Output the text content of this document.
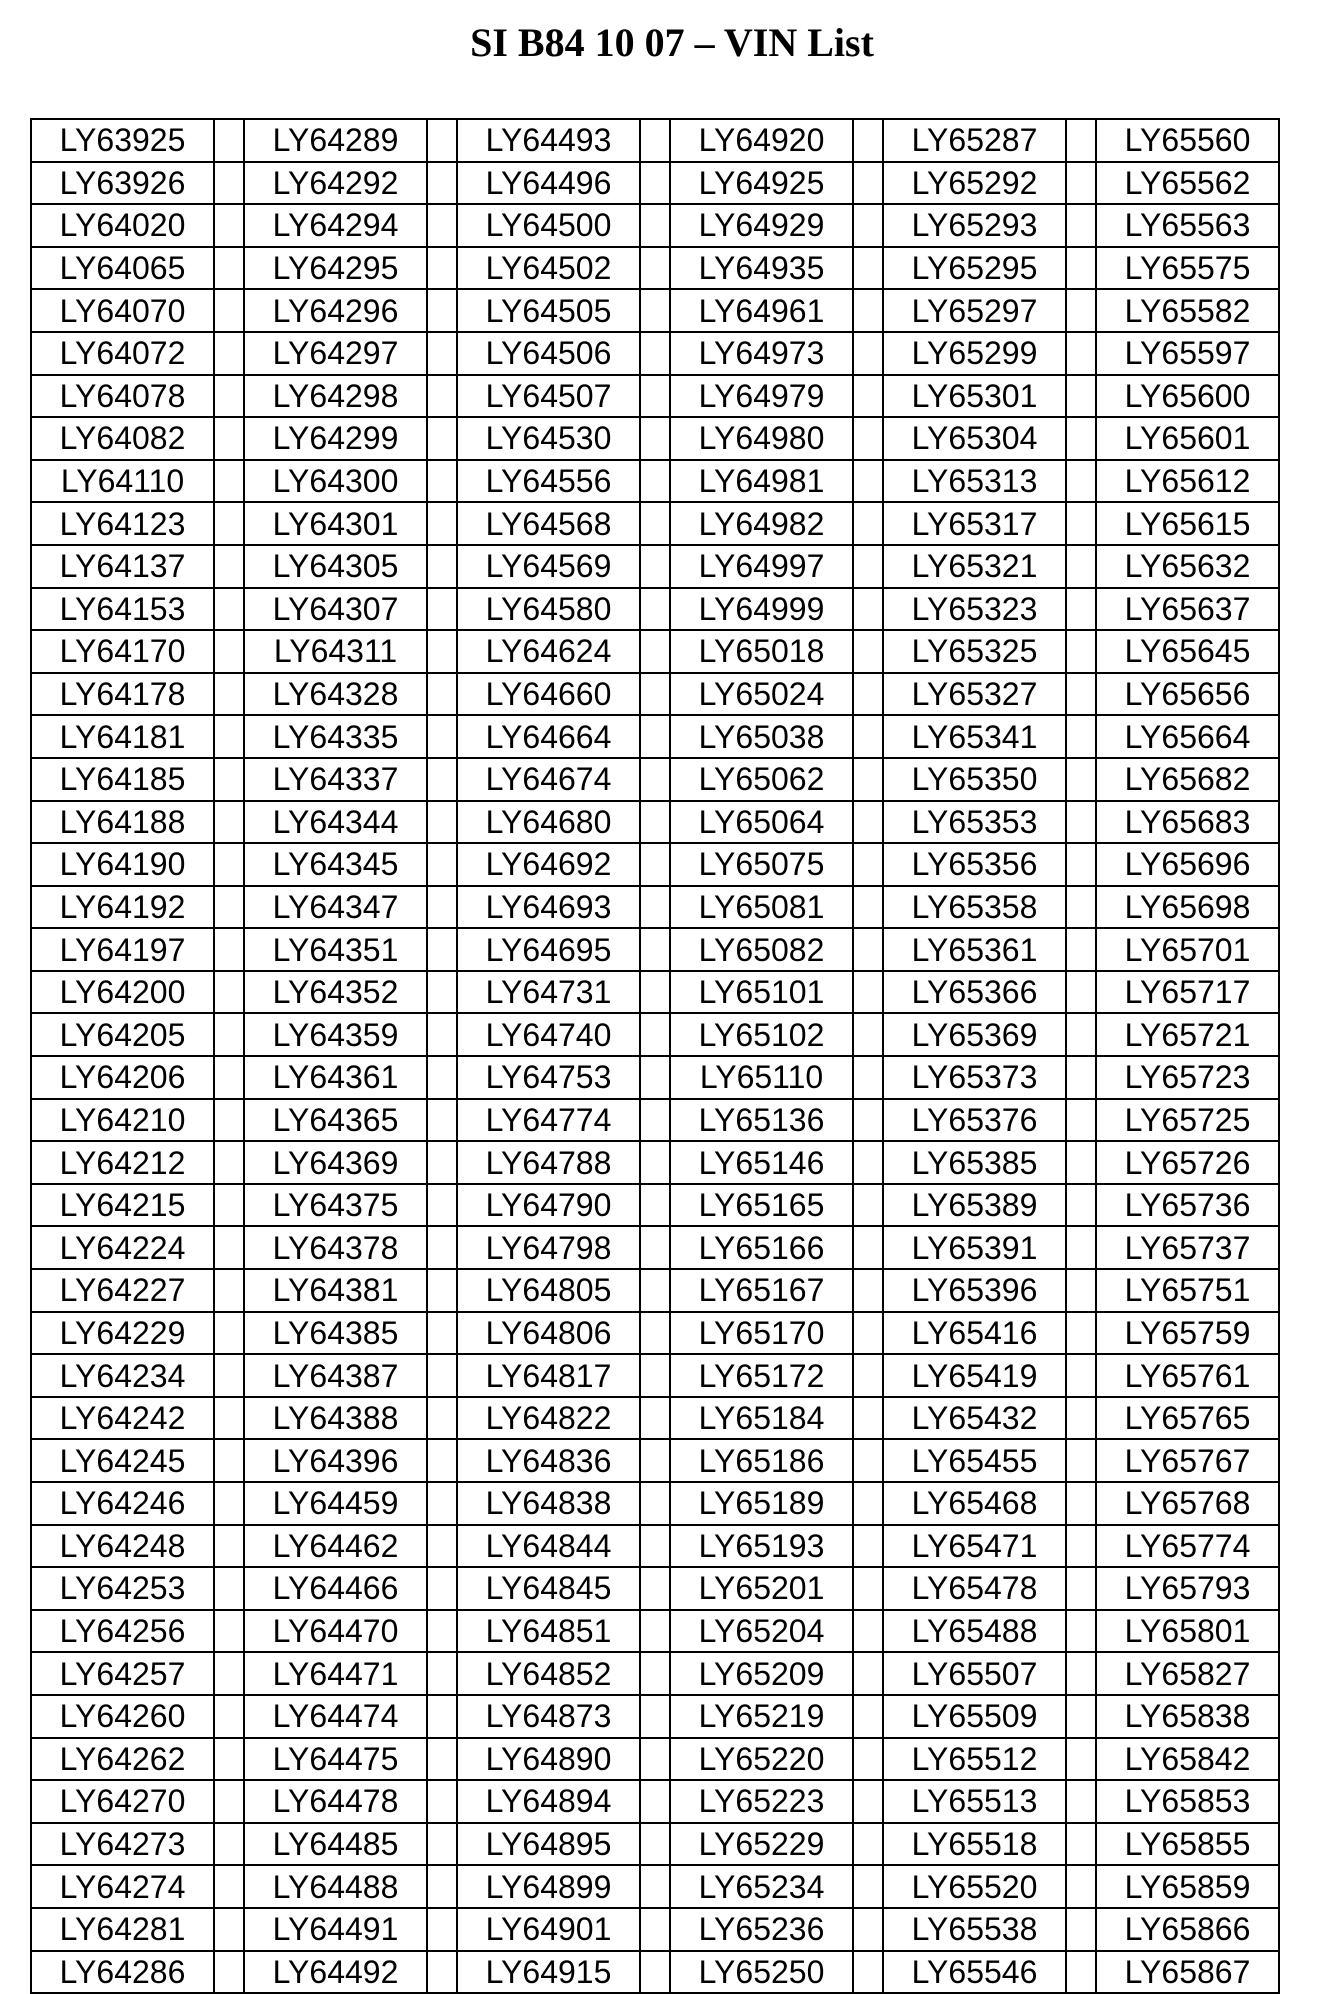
SI B84 10 07 – VIN List
LY63925		LY64289		LY64493		LY64920		LY65287		LY65560
LY63926		LY64292		LY64496		LY64925		LY65292		LY65562
LY64020		LY64294		LY64500		LY64929		LY65293		LY65563
LY64065		LY64295		LY64502		LY64935		LY65295		LY65575
LY64070		LY64296		LY64505		LY64961		LY65297		LY65582
LY64072		LY64297		LY64506		LY64973		LY65299		LY65597
LY64078		LY64298		LY64507		LY64979		LY65301		LY65600
LY64082		LY64299		LY64530		LY64980		LY65304		LY65601
LY64110		LY64300		LY64556		LY64981		LY65313		LY65612
LY64123		LY64301		LY64568		LY64982		LY65317		LY65615
LY64137		LY64305		LY64569		LY64997		LY65321		LY65632
LY64153		LY64307		LY64580		LY64999		LY65323		LY65637
LY64170		LY64311		LY64624		LY65018		LY65325		LY65645
LY64178		LY64328		LY64660		LY65024		LY65327		LY65656
LY64181		LY64335		LY64664		LY65038		LY65341		LY65664
LY64185		LY64337		LY64674		LY65062		LY65350		LY65682
LY64188		LY64344		LY64680		LY65064		LY65353		LY65683
LY64190		LY64345		LY64692		LY65075		LY65356		LY65696
LY64192		LY64347		LY64693		LY65081		LY65358		LY65698
LY64197		LY64351		LY64695		LY65082		LY65361		LY65701
LY64200		LY64352		LY64731		LY65101		LY65366		LY65717
LY64205		LY64359		LY64740		LY65102		LY65369		LY65721
LY64206		LY64361		LY64753		LY65110		LY65373		LY65723
LY64210		LY64365		LY64774		LY65136		LY65376		LY65725
LY64212		LY64369		LY64788		LY65146		LY65385		LY65726
LY64215		LY64375		LY64790		LY65165		LY65389		LY65736
LY64224		LY64378		LY64798		LY65166		LY65391		LY65737
LY64227		LY64381		LY64805		LY65167		LY65396		LY65751
LY64229		LY64385		LY64806		LY65170		LY65416		LY65759
LY64234		LY64387		LY64817		LY65172		LY65419		LY65761
LY64242		LY64388		LY64822		LY65184		LY65432		LY65765
LY64245		LY64396		LY64836		LY65186		LY65455		LY65767
LY64246		LY64459		LY64838		LY65189		LY65468		LY65768
LY64248		LY64462		LY64844		LY65193		LY65471		LY65774
LY64253		LY64466		LY64845		LY65201		LY65478		LY65793
LY64256		LY64470		LY64851		LY65204		LY65488		LY65801
LY64257		LY64471		LY64852		LY65209		LY65507		LY65827
LY64260		LY64474		LY64873		LY65219		LY65509		LY65838
LY64262		LY64475		LY64890		LY65220		LY65512		LY65842
LY64270		LY64478		LY64894		LY65223		LY65513		LY65853
LY64273		LY64485		LY64895		LY65229		LY65518		LY65855
LY64274		LY64488		LY64899		LY65234		LY65520		LY65859
LY64281		LY64491		LY64901		LY65236		LY65538		LY65866
LY64286		LY64492		LY64915		LY65250		LY65546		LY65867
